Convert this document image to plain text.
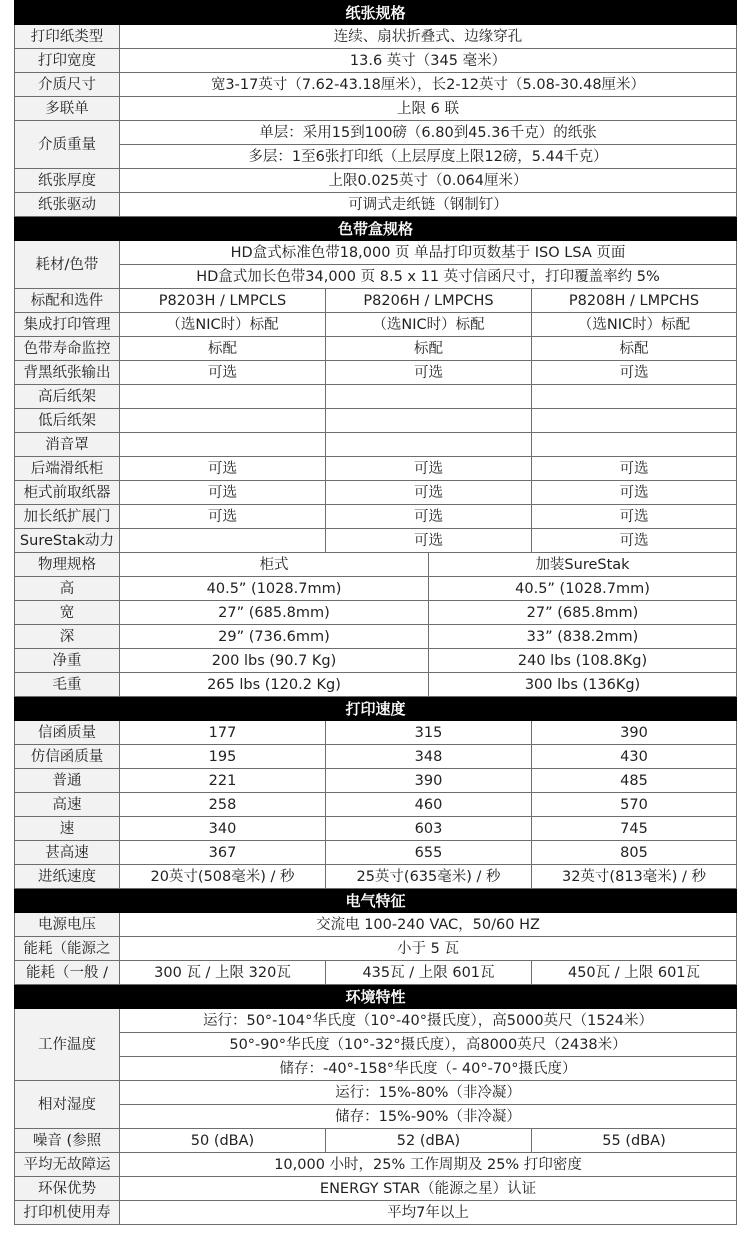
纸张规格				
打印纸类型	连续、扇状折叠式、边缘穿孔			
打印宽度	13.6 英寸（345 毫米）			
介质尺寸	宽3-17英寸（7.62-43.18厘米），长2-12英寸（5.08-30.48厘米）			
多联单	上限 6 联			
介质重量	单层：采用15到100磅（6.80到45.36千克）的纸张			
	多层：1至6张打印纸（上层厚度上限12磅，5.44千克）			
纸张厚度	上限0.025英寸（0.064厘米）			
纸张驱动	可调式走纸链（钢制钉）			
色带盒规格				
耗材/色带	HD盒式标准色带18,000 页 单品打印页数基于 ISO LSA 页面			
	HD盒式加长色带34,000 页 8.5 x 11 英寸信函尺寸，打印覆盖率约 5%			
标配和选件	P8203H / LMPCLS	P8206H / LMPCHS		P8208H / LMPCHS
集成打印管理	（选NIC时）标配	（选NIC时）标配		（选NIC时）标配
色带寿命监控	标配	标配		标配
背黑纸张输出	可选	可选		可选
高后纸架				
低后纸架				
消音罩				
后端滑纸柜	可选	可选		可选
柜式前取纸器	可选	可选		可选
加长纸扩展门	可选	可选		可选
SureStak动力		可选		可选
物理规格	柜式		加装SureStak	
高	40.5” (1028.7mm)		40.5” (1028.7mm)	
宽	27” (685.8mm)		27” (685.8mm)	
深	29” (736.6mm)		33” (838.2mm)	
净重	200 lbs (90.7 Kg)		240 lbs (108.8Kg)	
毛重	265 lbs (120.2 Kg)		300 lbs (136Kg)	
打印速度				
信函质量	177	315		390
仿信函质量	195	348		430
普通	221	390		485
高速	258	460		570
速	340	603		745
甚高速	367	655		805
进纸速度	20英寸(508毫米) / 秒	25英寸(635毫米) / 秒		32英寸(813毫米) / 秒
电气特征				
电源电压	交流电 100-240 VAC，50/60 HZ			
能耗（能源之	小于 5 瓦			
能耗（一般 /	300 瓦 / 上限 320瓦	435瓦 / 上限 601瓦		450瓦 / 上限 601瓦
环境特性				
工作温度	运行：50°-104°华氏度（10°-40°摄氏度），高5000英尺（1524米）			
	50°-90°华氏度（10°-32°摄氏度），高8000英尺（2438米）			
	储存：-40°-158°华氏度（- 40°-70°摄氏度）			
相对湿度	运行：15%-80%（非冷凝）			
	储存：15%-90%（非冷凝）			
噪音 (参照	50 (dBA)	52 (dBA)		55 (dBA)
平均无故障运	10,000 小时，25% 工作周期及 25% 打印密度			
环保优势	ENERGY STAR（能源之星）认证			
打印机使用寿	平均7年以上			
